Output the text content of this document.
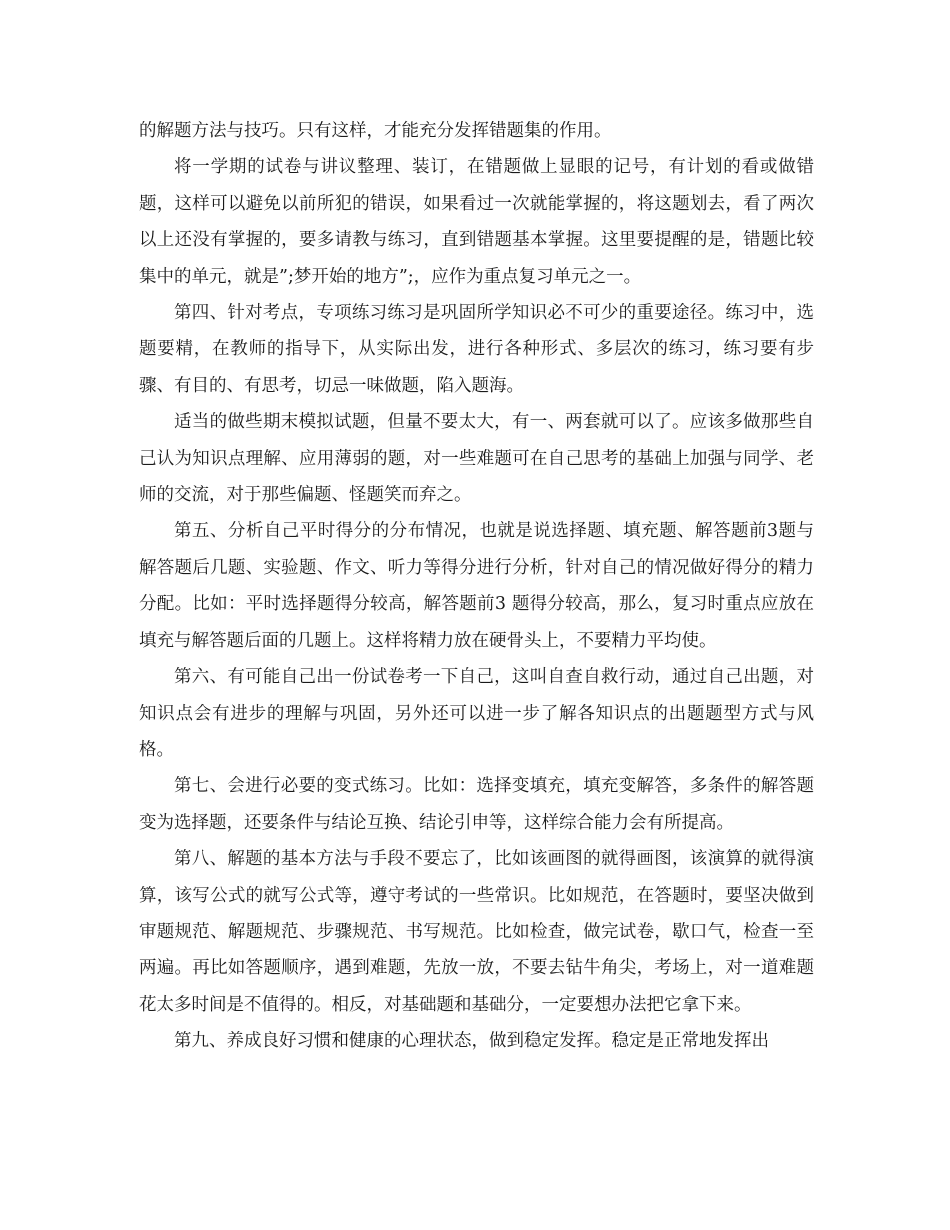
的解题方法与技巧。只有这样，才能充分发挥错题集的作用。

将一学期的试卷与讲议整理、装订，在错题做上显眼的记号，有计划的看或做错题，这样可以避免以前所犯的错误，如果看过一次就能掌握的，将这题划去，看了两次以上还没有掌握的，要多请教与练习，直到错题基本掌握。这里要提醒的是，错题比较集中的单元，就是”;梦开始的地方”;，应作为重点复习单元之一。

第四、针对考点，专项练习练习是巩固所学知识必不可少的重要途径。练习中，选题要精，在教师的指导下，从实际出发，进行各种形式、多层次的练习，练习要有步骤、有目的、有思考，切忌一味做题，陷入题海。

适当的做些期末模拟试题，但量不要太大，有一、两套就可以了。应该多做那些自己认为知识点理解、应用薄弱的题，对一些难题可在自己思考的基础上加强与同学、老师的交流，对于那些偏题、怪题笑而弃之。

第五、分析自己平时得分的分布情况，也就是说选择题、填充题、解答题前3题与解答题后几题、实验题、作文、听力等得分进行分析，针对自己的情况做好得分的精力分配。比如：平时选择题得分较高，解答题前3 题得分较高，那么，复习时重点应放在填充与解答题后面的几题上。这样将精力放在硬骨头上，不要精力平均使。

第六、有可能自己出一份试卷考一下自己，这叫自查自救行动，通过自己出题，对知识点会有进步的理解与巩固，另外还可以进一步了解各知识点的出题题型方式与风格。

第七、会进行必要的变式练习。比如：选择变填充，填充变解答，多条件的解答题变为选择题，还要条件与结论互换、结论引申等，这样综合能力会有所提高。

第八、解题的基本方法与手段不要忘了，比如该画图的就得画图，该演算的就得演算，该写公式的就写公式等，遵守考试的一些常识。比如规范，在答题时，要坚决做到审题规范、解题规范、步骤规范、书写规范。比如检查，做完试卷，歇口气，检查一至两遍。再比如答题顺序，遇到难题，先放一放，不要去钻牛角尖，考场上，对一道难题花太多时间是不值得的。相反，对基础题和基础分，一定要想办法把它拿下来。

第九、养成良好习惯和健康的心理状态，做到稳定发挥。稳定是正常地发挥出
